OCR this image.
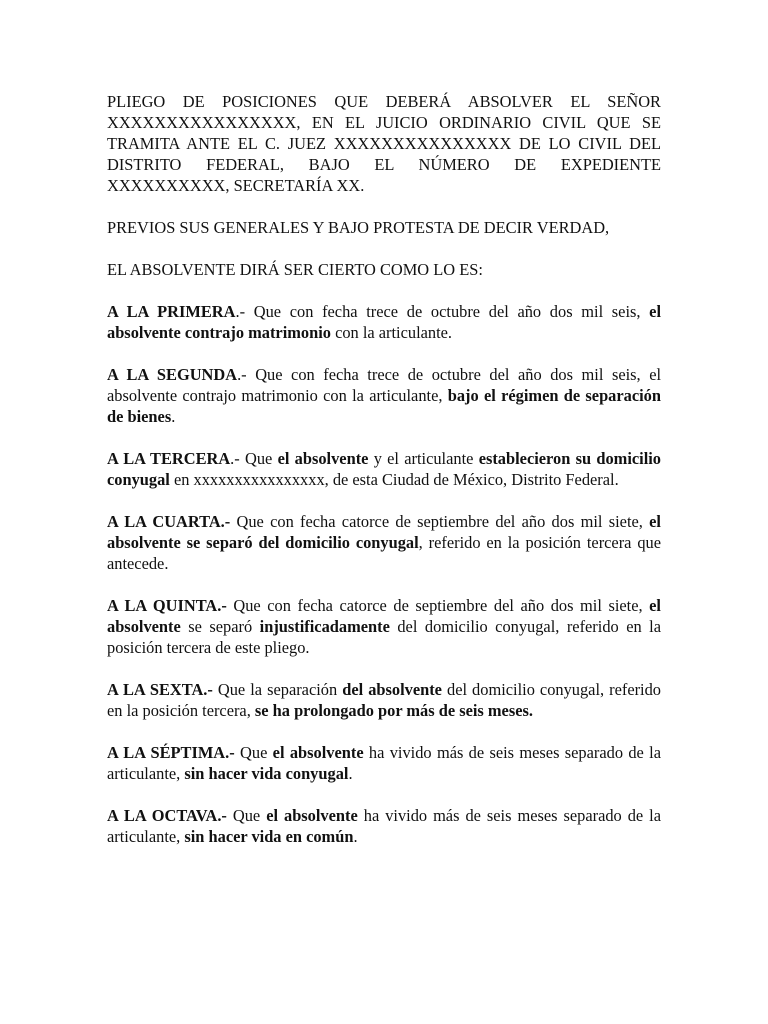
PLIEGO DE POSICIONES QUE DEBERÁ ABSOLVER EL SEÑOR XXXXXXXXXXXXXXXX, EN EL JUICIO ORDINARIO CIVIL QUE SE TRAMITA ANTE EL C. JUEZ XXXXXXXXXXXXXXX DE LO CIVIL DEL DISTRITO FEDERAL, BAJO EL NÚMERO DE EXPEDIENTE XXXXXXXXXX, SECRETARÍA XX.

PREVIOS SUS GENERALES Y BAJO PROTESTA DE DECIR VERDAD,

EL ABSOLVENTE DIRÁ SER CIERTO COMO LO ES:

A LA PRIMERA.- Que con fecha trece de octubre del año dos mil seis, el absolvente contrajo matrimonio con la articulante.

A LA SEGUNDA.- Que con fecha trece de octubre del año dos mil seis, el absolvente contrajo matrimonio con la articulante, bajo el régimen de separación de bienes.

A LA TERCERA.- Que el absolvente y el articulante establecieron su domicilio conyugal en xxxxxxxxxxxxxxxx, de esta Ciudad de México, Distrito Federal.

A LA CUARTA.- Que con fecha catorce de septiembre del año dos mil siete, el absolvente se separó del domicilio conyugal, referido en la posición tercera que antecede.

A LA QUINTA.- Que con fecha catorce de septiembre del año dos mil siete, el absolvente se separó injustificadamente del domicilio conyugal, referido en la posición tercera de este pliego.

A LA SEXTA.- Que la separación del absolvente del domicilio conyugal, referido en la posición tercera, se ha prolongado por más de seis meses.

A LA SÉPTIMA.- Que el absolvente ha vivido más de seis meses separado de la articulante, sin hacer vida conyugal.

A LA OCTAVA.- Que el absolvente ha vivido más de seis meses separado de la articulante, sin hacer vida en común.
